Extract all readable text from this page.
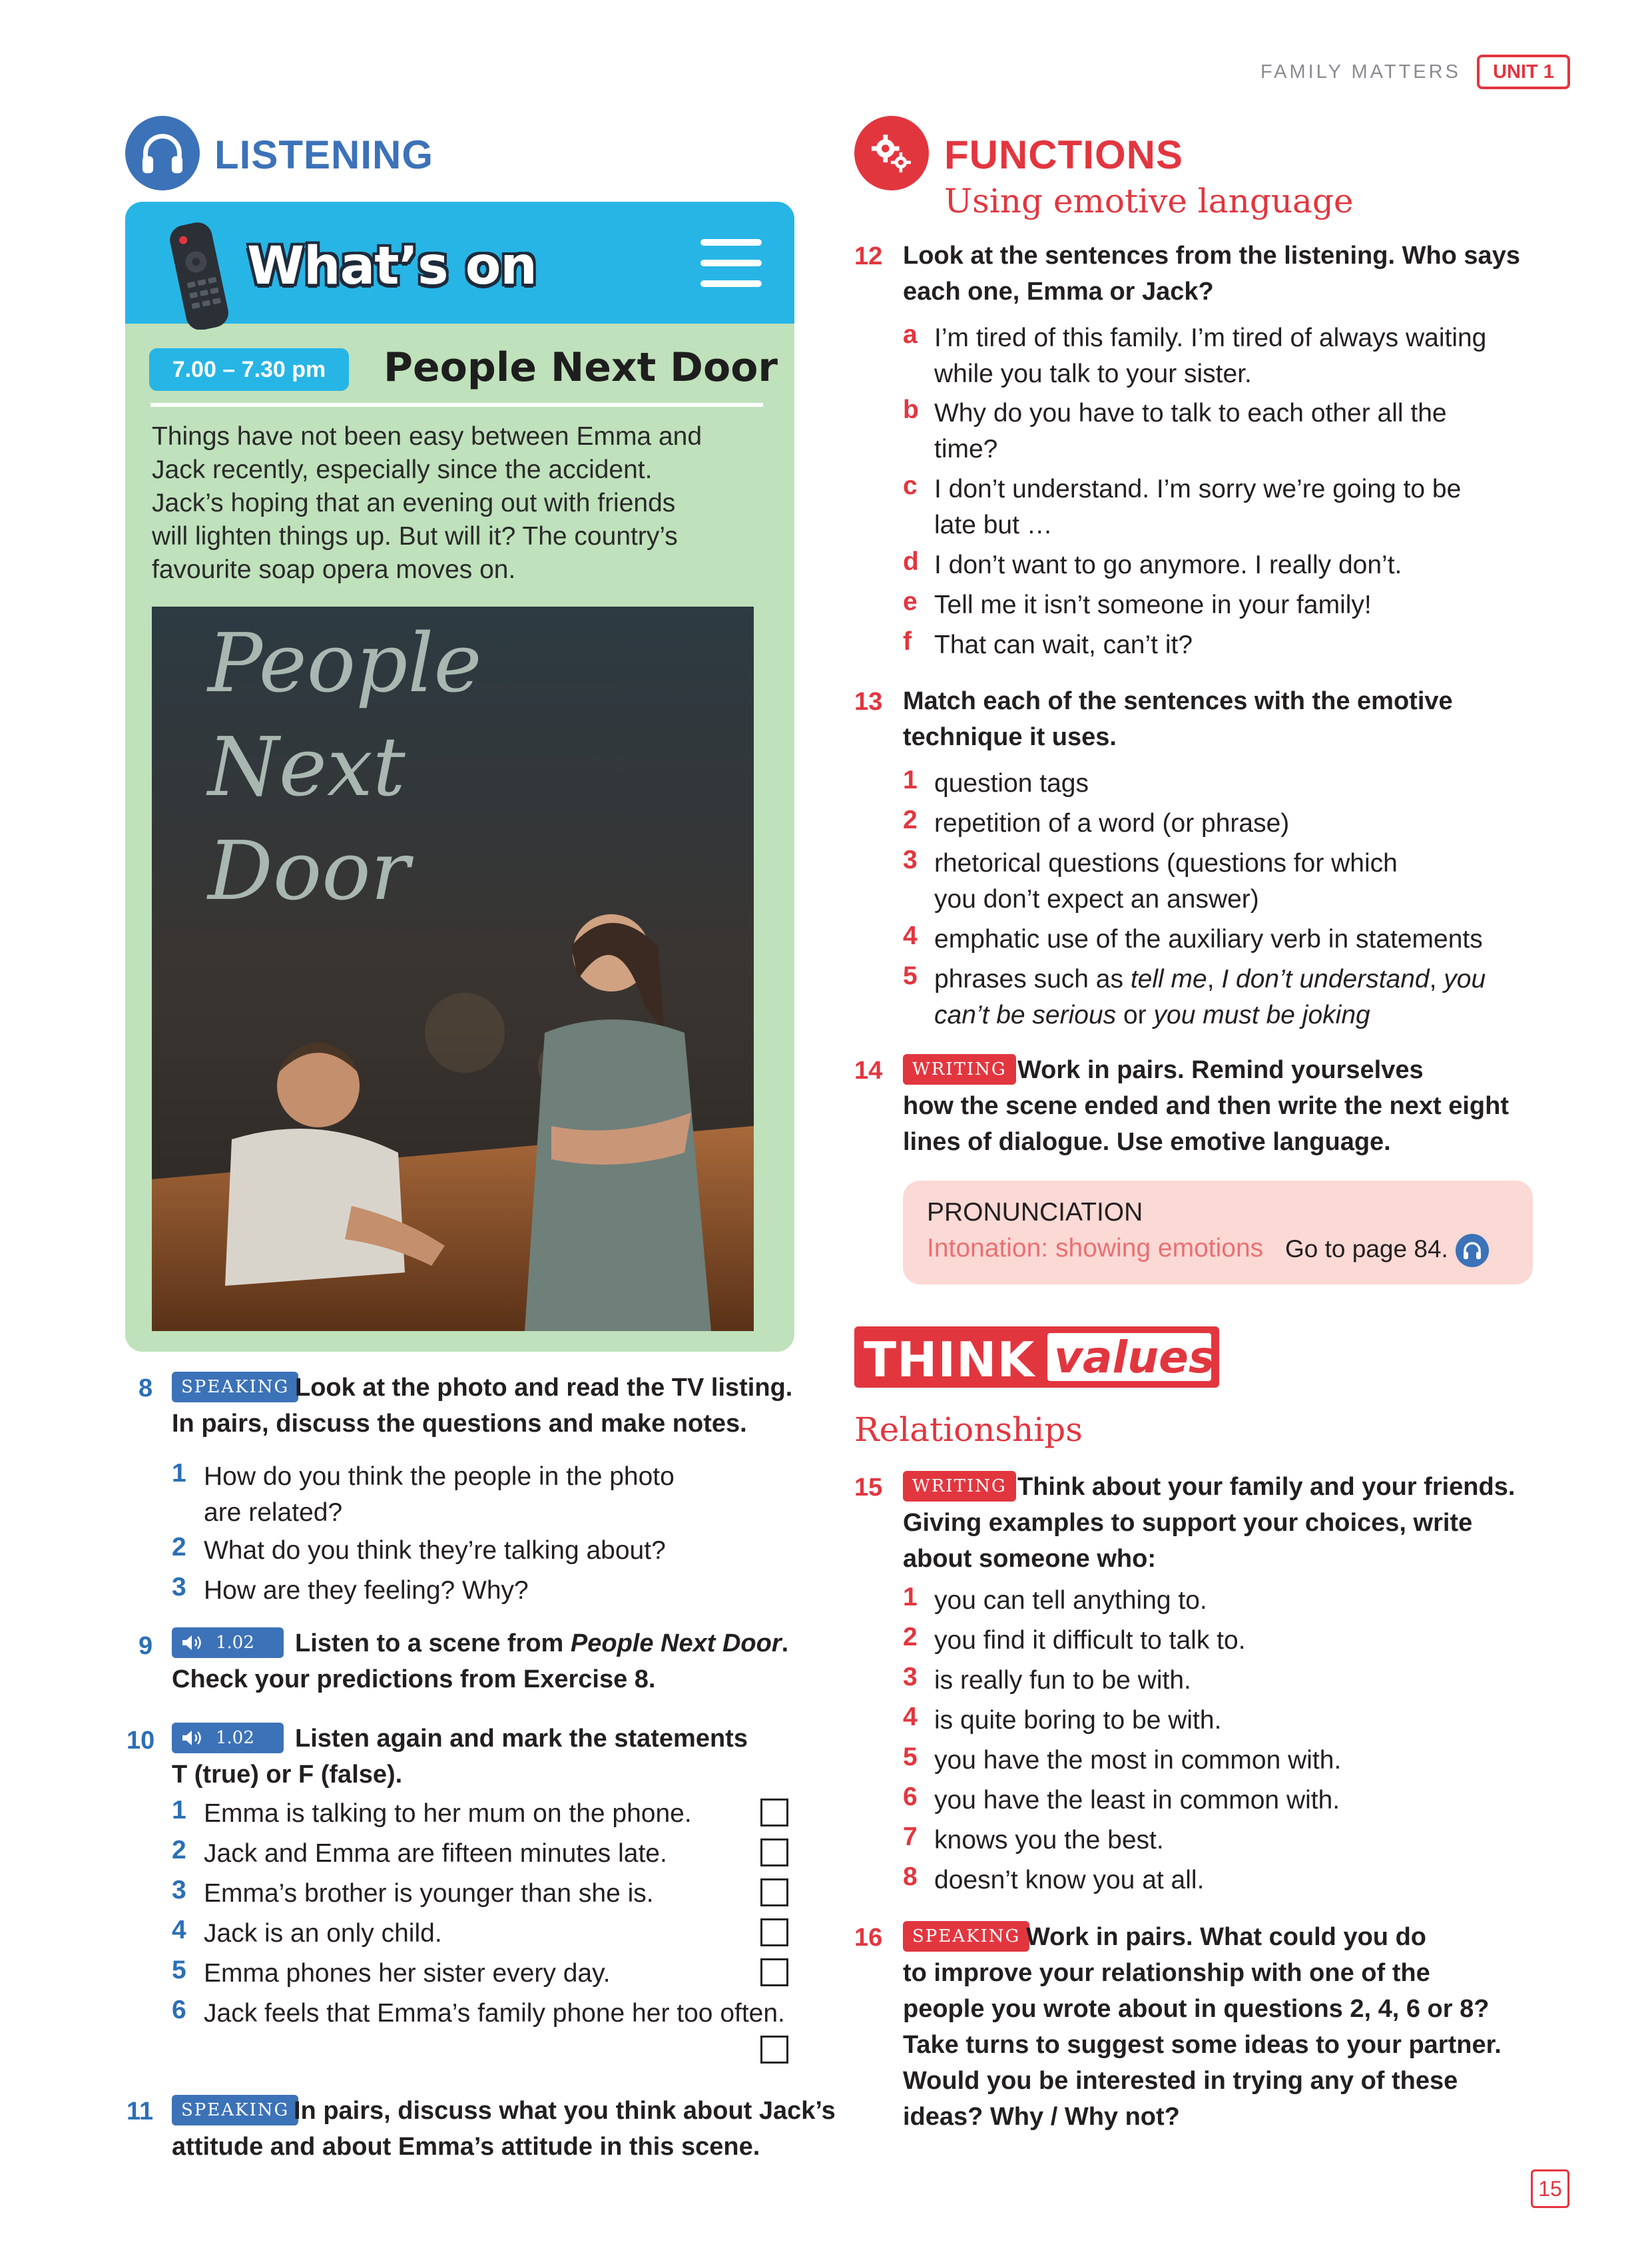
FAMILY MATTERS	UNIT 1
LISTENING
What’s on
7.00 – 7.30 pm	People Next Door
Things have not been easy between Emma and
Jack recently, especially since the accident.
Jack’s hoping that an evening out with friends
will lighten things up. But will it? The country’s
favourite soap opera moves on.
People
Next
Door
8	SPEAKING Look at the photo and read the TV listing.
In pairs, discuss the questions and make notes.
1 How do you think the people in the photo
are related?
2 What do you think they’re talking about?
3 How are they feeling? Why?
9	1.02 Listen to a scene from People Next Door.
Check your predictions from Exercise 8.
10	1.02 Listen again and mark the statements
T (true) or F (false).
1 Emma is talking to her mum on the phone.
2 Jack and Emma are fifteen minutes late.
3 Emma’s brother is younger than she is.
4 Jack is an only child.
5 Emma phones her sister every day.
6 Jack feels that Emma’s family phone her too often.
11	SPEAKING In pairs, discuss what you think about Jack’s
attitude and about Emma’s attitude in this scene.
FUNCTIONS
Using emotive language
12 Look at the sentences from the listening. Who says
each one, Emma or Jack?
a I’m tired of this family. I’m tired of always waiting
while you talk to your sister.
b Why do you have to talk to each other all the
time?
c I don’t understand. I’m sorry we’re going to be
late but …
d I don’t want to go anymore. I really don’t.
e Tell me it isn’t someone in your family!
f That can wait, can’t it?
13 Match each of the sentences with the emotive
technique it uses.
1 question tags
2 repetition of a word (or phrase)
3 rhetorical questions (questions for which
you don’t expect an answer)
4 emphatic use of the auxiliary verb in statements
5 phrases such as tell me, I don’t understand, you
can’t be serious or you must be joking
14	WRITING Work in pairs. Remind yourselves
how the scene ended and then write the next eight
lines of dialogue. Use emotive language.
PRONUNCIATION
Intonation: showing emotions Go to page 84.
THINK values
Relationships
15	WRITING Think about your family and your friends.
Giving examples to support your choices, write
about someone who:
1 you can tell anything to.
2 you find it difficult to talk to.
3 is really fun to be with.
4 is quite boring to be with.
5 you have the most in common with.
6 you have the least in common with.
7 knows you the best.
8 doesn’t know you at all.
16	SPEAKING Work in pairs. What could you do
to improve your relationship with one of the
people you wrote about in questions 2, 4, 6 or 8?
Take turns to suggest some ideas to your partner.
Would you be interested in trying any of these
ideas? Why / Why not?
15
